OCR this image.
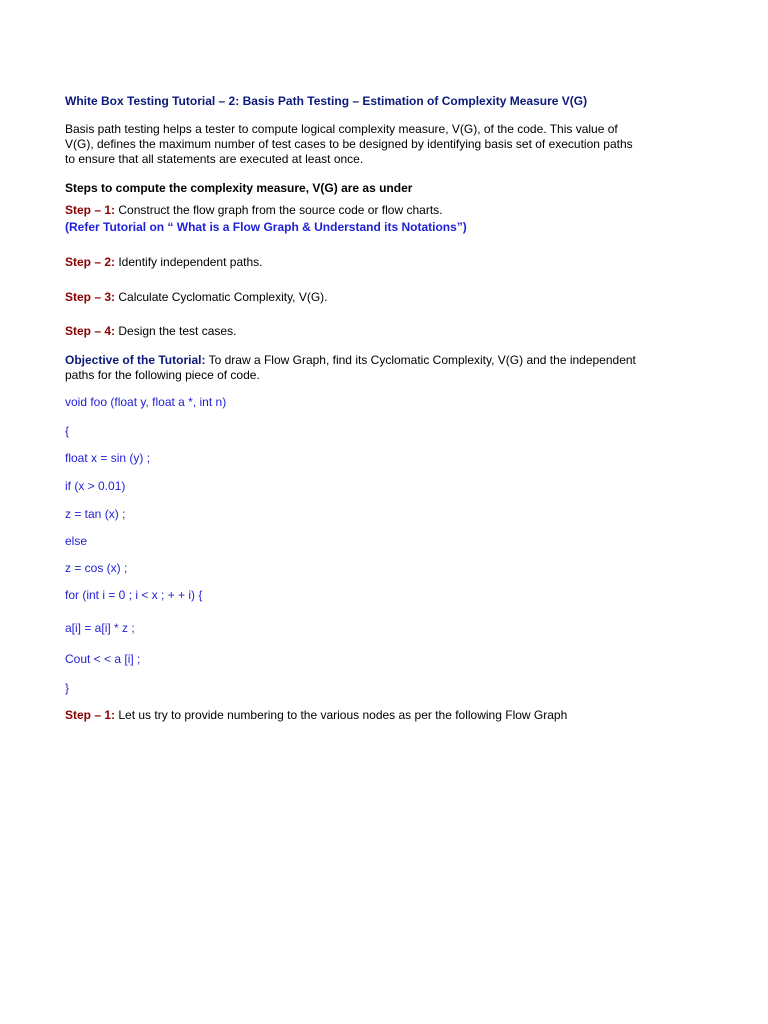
White Box Testing Tutorial – 2: Basis Path Testing – Estimation of Complexity Measure V(G)
Basis path testing helps a tester to compute logical complexity measure, V(G), of the code. This value of
V(G), defines the maximum number of test cases to be designed by identifying basis set of execution paths
to ensure that all statements are executed at least once.
Steps to compute the complexity measure, V(G) are as under
Step – 1: Construct the flow graph from the source code or flow charts.
(Refer Tutorial on “ What is a Flow Graph & Understand its Notations”)
Step – 2: Identify independent paths.
Step – 3: Calculate Cyclomatic Complexity, V(G).
Step – 4: Design the test cases.
Objective of the Tutorial: To draw a Flow Graph, find its Cyclomatic Complexity, V(G) and the independent
paths for the following piece of code.
void foo (float y, float a *, int n)
{
float x = sin (y) ;
if (x > 0.01)
z = tan (x) ;
else
z = cos (x) ;
for (int i = 0 ; i < x ; + + i) {
a[i] = a[i] * z ;
Cout < < a [i] ;
}
Step – 1: Let us try to provide numbering to the various nodes as per the following Flow Graph
